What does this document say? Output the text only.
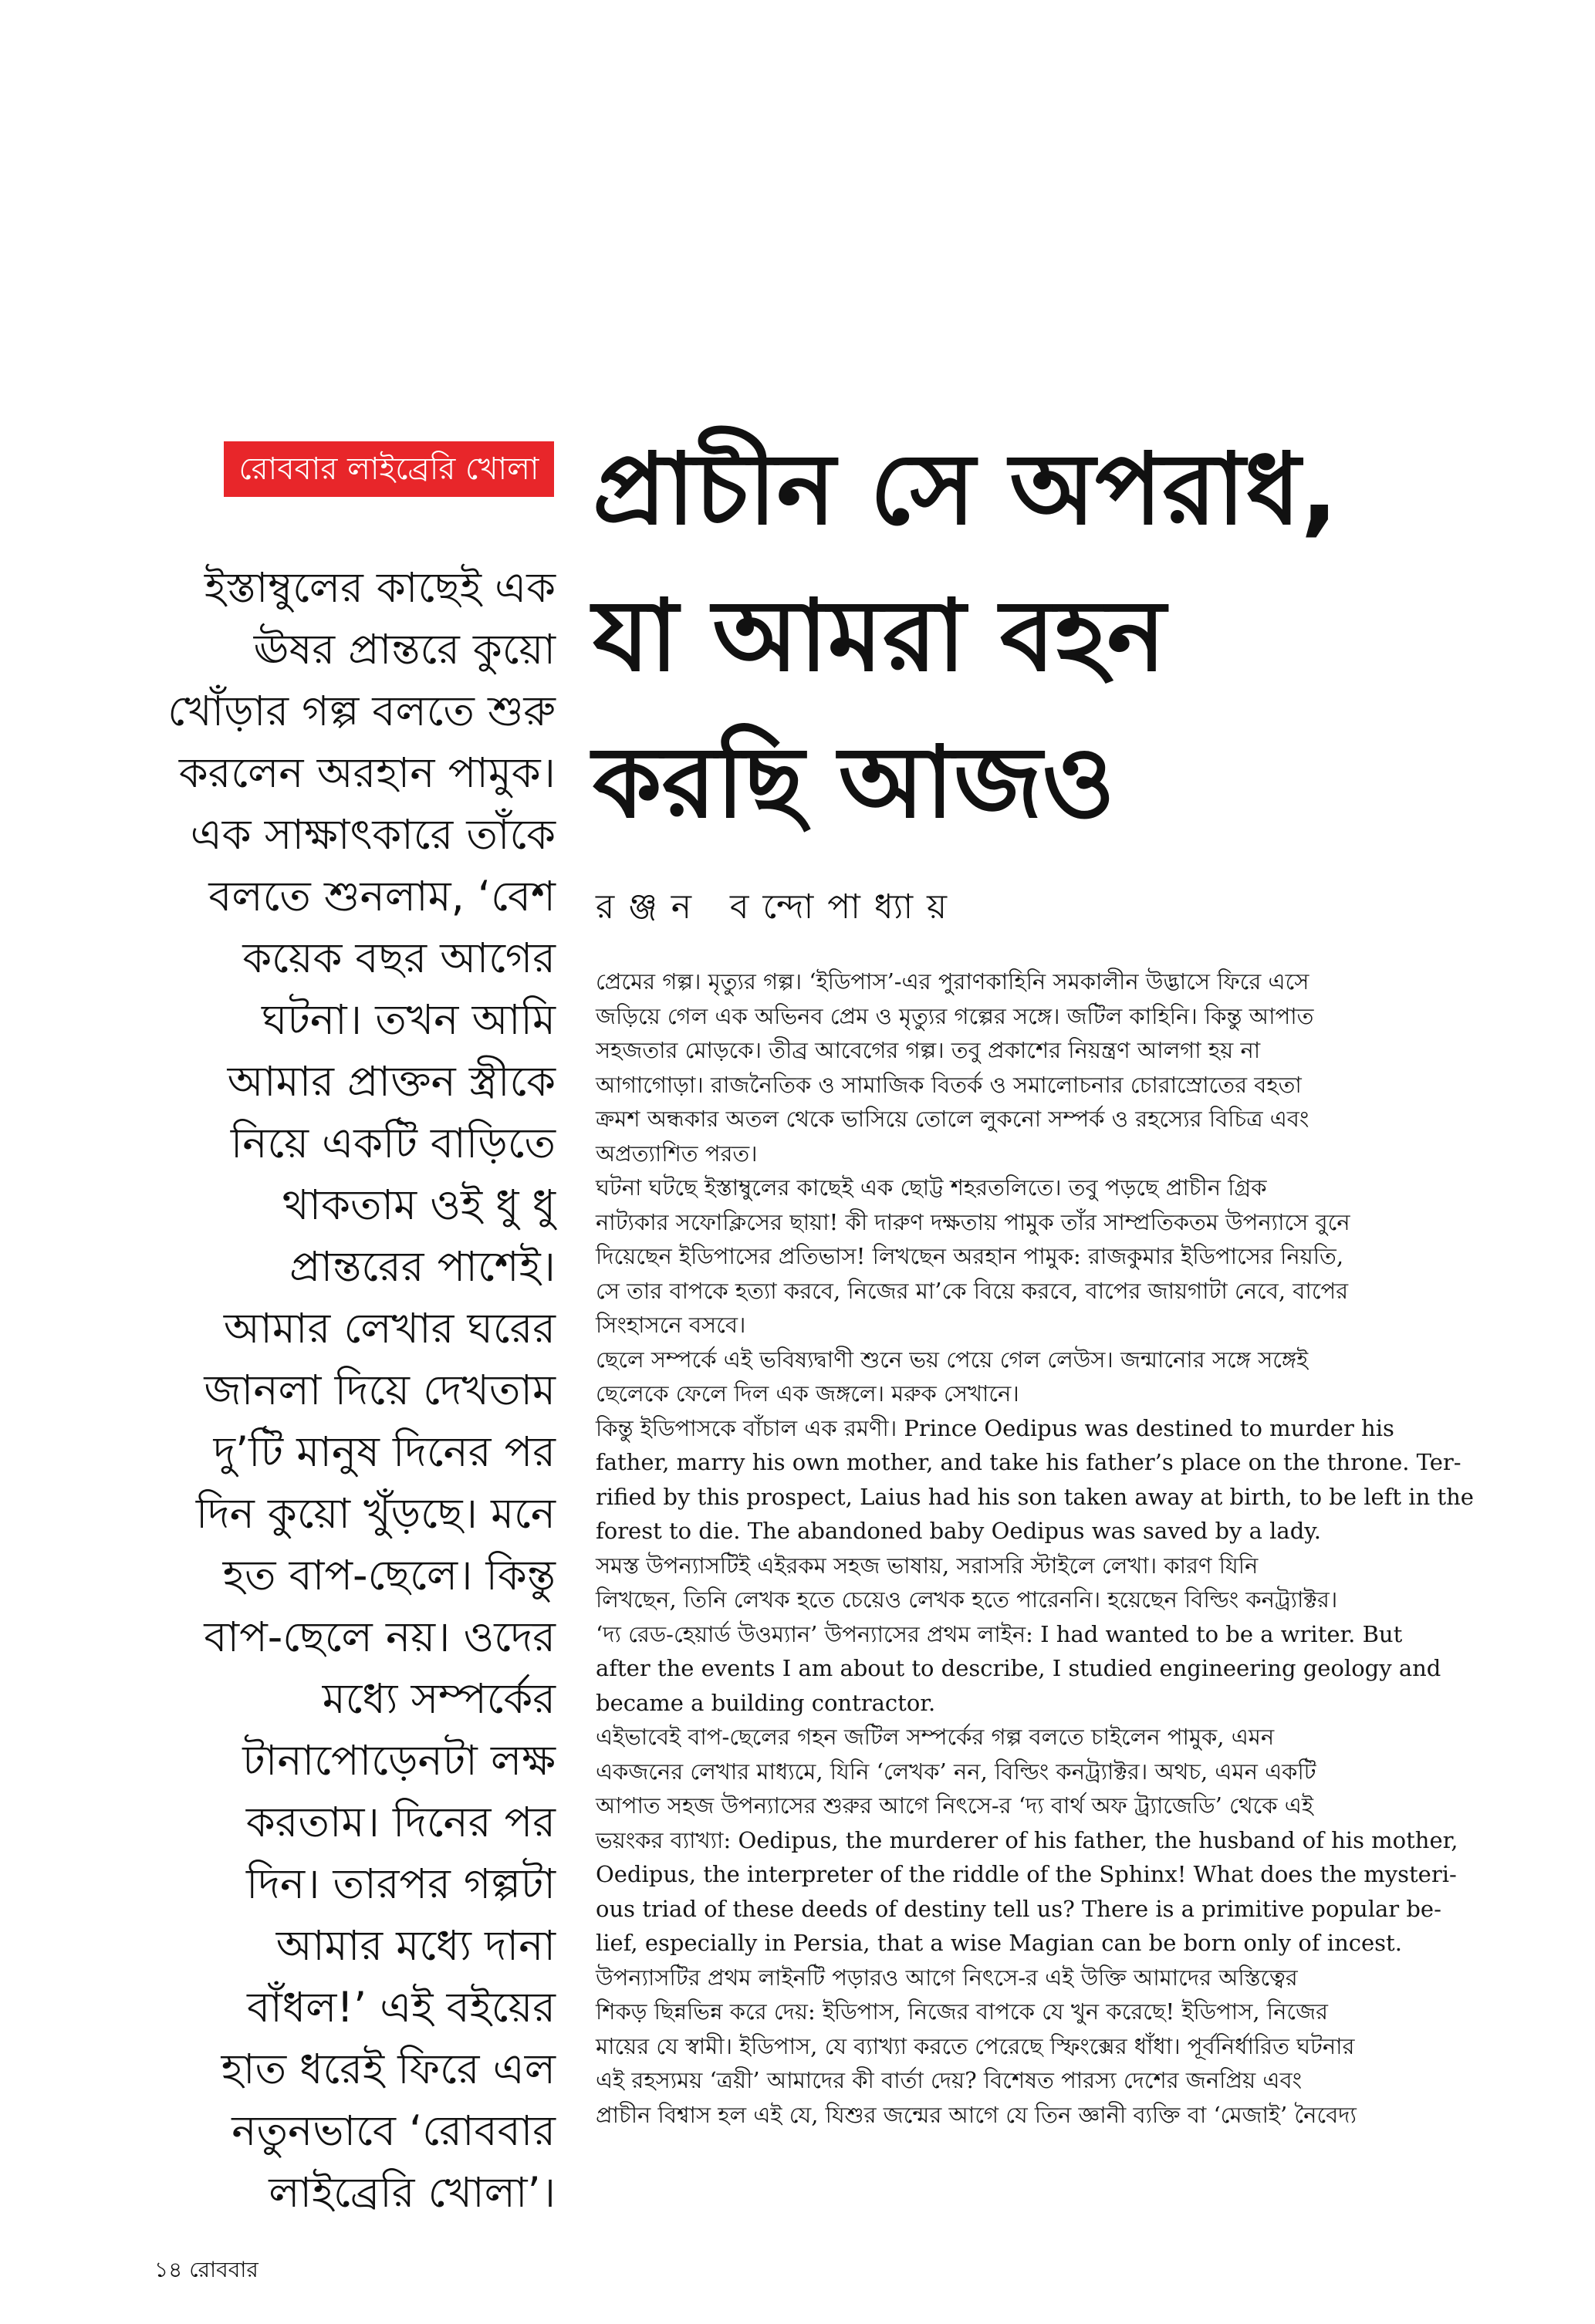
রোববার লাইব্রেরি খোলা প্রাচীন সে অপরাধ,
যা আমরা বহন
করছি আজও
ইস্তাম্বুলের কাছেই এক
ঊষর প্রান্তরে কুয়ো
খোঁড়ার গল্প বলতে শুরু
করলেন অরহান পামুক।
এক সাক্ষাৎকারে তাঁকে
বলতে শুনলাম, ‘বেশ
কয়েক বছর আগের
ঘটনা। তখন আমি
আমার প্রাক্তন স্ত্রীকে
নিয়ে একটি বাড়িতে
থাকতাম ওই ধু ধু
প্রান্তরের পাশেই।
আমার লেখার ঘরের
জানলা দিয়ে দেখতাম
দু’টি মানুষ দিনের পর
দিন কুয়ো খুঁড়ছে। মনে
হত বাপ-ছেলে। কিন্তু
বাপ-ছেলে নয়। ওদের
মধ্যে সম্পর্কের
টানাপোড়েনটা লক্ষ
করতাম। দিনের পর
দিন। তারপর গল্পটা
আমার মধ্যে দানা
বাঁধল!’ এই বইয়ের
হাত ধরেই ফিরে এল
নতুনভাবে ‘রোববার
লাইব্রেরি খোলা’।
রঞ্জন বন্দোপাধ্যায়
প্রেমের গল্প। মৃত্যুর গল্প। ‘ইডিপাস’-এর পুরাণকাহিনি সমকালীন উদ্ভাসে ফিরে এসে
জড়িয়ে গেল এক অভিনব প্রেম ও মৃত্যুর গল্পের সঙ্গে। জটিল কাহিনি। কিন্তু আপাত
সহজতার মোড়কে। তীব্র আবেগের গল্প। তবু প্রকাশের নিয়ন্ত্রণ আলগা হয় না
আগাগোড়া। রাজনৈতিক ও সামাজিক বিতর্ক ও সমালোচনার চোরাস্রোতের বহতা
ক্রমশ অন্ধকার অতল থেকে ভাসিয়ে তোলে লুকনো সম্পর্ক ও রহস্যের বিচিত্র এবং
অপ্রত্যাশিত পরত।
ঘটনা ঘটছে ইস্তাম্বুলের কাছেই এক ছোট্ট শহরতলিতে। তবু পড়ছে প্রাচীন গ্রিক
নাট্যকার সফোক্লিসের ছায়া! কী দারুণ দক্ষতায় পামুক তাঁর সাম্প্রতিকতম উপন্যাসে বুনে
দিয়েছেন ইডিপাসের প্রতিভাস! লিখছেন অরহান পামুক: রাজকুমার ইডিপাসের নিয়তি,
সে তার বাপকে হত্যা করবে, নিজের মা’কে বিয়ে করবে, বাপের জায়গাটা নেবে, বাপের
সিংহাসনে বসবে।
ছেলে সম্পর্কে এই ভবিষ্যদ্বাণী শুনে ভয় পেয়ে গেল লেউস। জন্মানোর সঙ্গে সঙ্গেই
ছেলেকে ফেলে দিল এক জঙ্গলে। মরুক সেখানে।
কিন্তু ইডিপাসকে বাঁচাল এক রমণী। Prince Oedipus was destined to murder his
father, marry his own mother, and take his father’s place on the throne. Ter-
rified by this prospect, Laius had his son taken away at birth, to be left in the
forest to die. The abandoned baby Oedipus was saved by a lady.
সমস্ত উপন্যাসটিই এইরকম সহজ ভাষায়, সরাসরি স্টাইলে লেখা। কারণ যিনি
লিখছেন, তিনি লেখক হতে চেয়েও লেখক হতে পারেননি। হয়েছেন বিল্ডিং কনট্র্যাক্টর।
‘দ্য রেড-হেয়ার্ড উওম্যান’ উপন্যাসের প্রথম লাইন: I had wanted to be a writer. But
after the events I am about to describe, I studied engineering geology and
became a building contractor.
এইভাবেই বাপ-ছেলের গহন জটিল সম্পর্কের গল্প বলতে চাইলেন পামুক, এমন
একজনের লেখার মাধ্যমে, যিনি ‘লেখক’ নন, বিল্ডিং কনট্র্যাক্টর। অথচ, এমন একটি
আপাত সহজ উপন্যাসের শুরুর আগে নিৎসে-র ‘দ্য বার্থ অফ ট্র্যাজেডি’ থেকে এই
ভয়ংকর ব্যাখ্যা: Oedipus, the murderer of his father, the husband of his mother,
Oedipus, the interpreter of the riddle of the Sphinx! What does the mysteri-
ous triad of these deeds of destiny tell us? There is a primitive popular be-
lief, especially in Persia, that a wise Magian can be born only of incest.
উপন্যাসটির প্রথম লাইনটি পড়ারও আগে নিৎসে-র এই উক্তি আমাদের অস্তিত্বের
শিকড় ছিন্নভিন্ন করে দেয়: ইডিপাস, নিজের বাপকে যে খুন করেছে! ইডিপাস, নিজের
মায়ের যে স্বামী। ইডিপাস, যে ব্যাখ্যা করতে পেরেছে স্ফিংক্সের ধাঁধা। পূর্বনির্ধারিত ঘটনার
এই রহস্যময় ‘ত্রয়ী’ আমাদের কী বার্তা দেয়? বিশেষত পারস্য দেশের জনপ্রিয় এবং
প্রাচীন বিশ্বাস হল এই যে, যিশুর জন্মের আগে যে তিন জ্ঞানী ব্যক্তি বা ‘মেজাই’ নৈবেদ্য
১৪ রোববার
